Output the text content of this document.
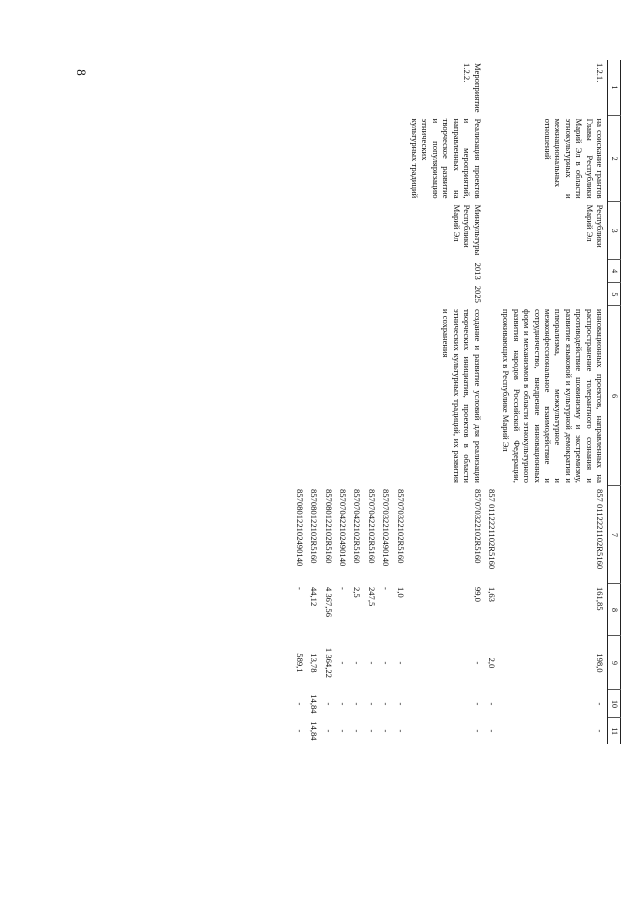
8
1	2	3	4	5	6	7	8	9	10	11
1.2.1.	на соискание грантов Главы Республики Марий Эл в области этнокультурных и межнациональных отношений	Республики Марий Эл			инновационных проектов, направленных на распространение толерантного сознания и противодействие шовинизму и экстремизму, развитие языковой и культурной демократии и плюрализма, межкультурное и межконфессиональное взаимодействие и сотрудничество, внедрение инновационных форм и механизмов в области этнокультурного развития народов Российской Федерации, проживающих в Республике Марий Эл	857 0112221102R5160	161,85	198,0	-	-
						857 0112221102R5160	1,63	2,0	-	-
Мероприятие 1.2.2.	Реализация проектов и мероприятий, направленных на творческое развитие и популяризацию этнических культурных традиций	Минкультуры Республики Марий Эл	2013	2025	создание и развитие условий для реализации творческих инициатив, проектов в области этнических культурных традиций, их развития и сохранения	857070322102R5160	99,0	-	-	-
						857070322102R5160	1,0	-	-	-
						857070322102490140	-	-	-	-
						857070422102R5160	247,5	-	-	-
						857070422102R5160	2,5	-	-	-
						857070422102490140	-	-	-	-
						857080122102R5160	4 367,56	1 364,22	-	-
						857080122102R5160	44,12	13,78	14,84	14,84
						857080122102490140	-	589,1	-	-
